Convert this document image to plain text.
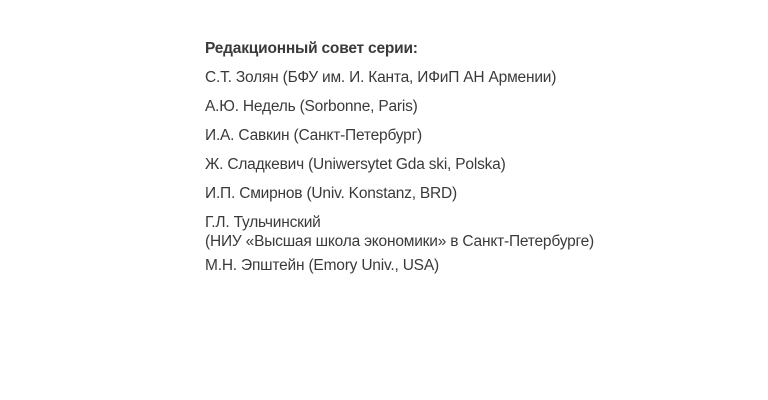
Редакционный совет серии:

С.Т. Золян (БФУ им. И. Канта, ИФиП АН Армении)

А.Ю. Недель (Sorbonne, Paris)

И.А. Савкин (Санкт-Петербург)

Ж. Сладкевич (Uniwersytet Gda ski, Polska)

И.П. Смирнов (Univ. Konstanz, BRD)

Г.Л. Тульчинский
(НИУ «Высшая школа экономики» в Санкт-Петербурге)

М.Н. Эпштейн (Emory Univ., USA)
